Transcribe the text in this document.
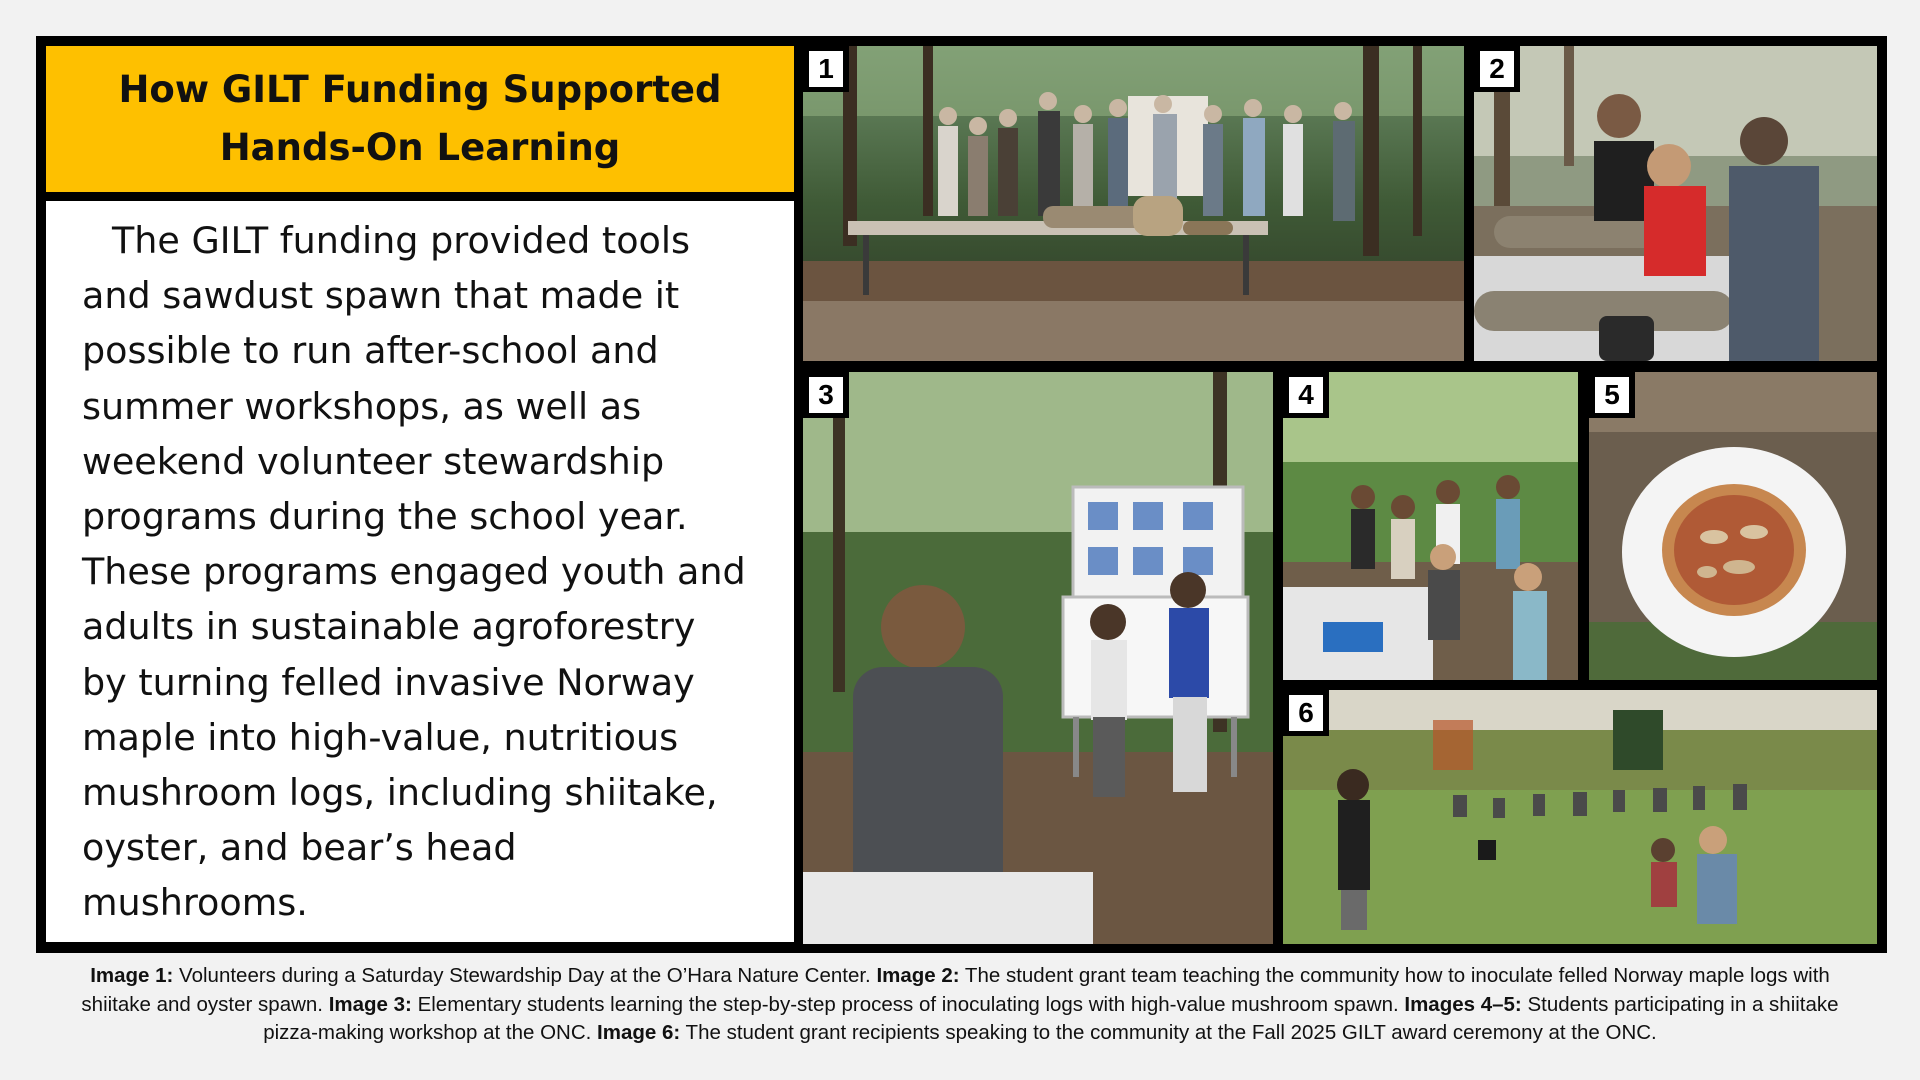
How GILT Funding Supported
Hands-On Learning
The GILT funding provided tools
and sawdust spawn that made it
possible to run after-school and
summer workshops, as well as
weekend volunteer stewardship
programs during the school year.
These programs engaged youth and
adults in sustainable agroforestry
by turning felled invasive Norway
maple into high-value, nutritious
mushroom logs, including shiitake,
oyster, and bear’s head
mushrooms.
1	2
3	4	5
6
Image 1: Volunteers during a Saturday Stewardship Day at the O’Hara Nature Center. Image 2: The student grant team teaching the community how to inoculate felled Norway maple logs with shiitake and oyster spawn. Image 3: Elementary students learning the step-by-step process of inoculating logs with high-value mushroom spawn. Images 4–5: Students participating in a shiitake pizza-making workshop at the ONC. Image 6: The student grant recipients speaking to the community at the Fall 2025 GILT award ceremony at the ONC.
